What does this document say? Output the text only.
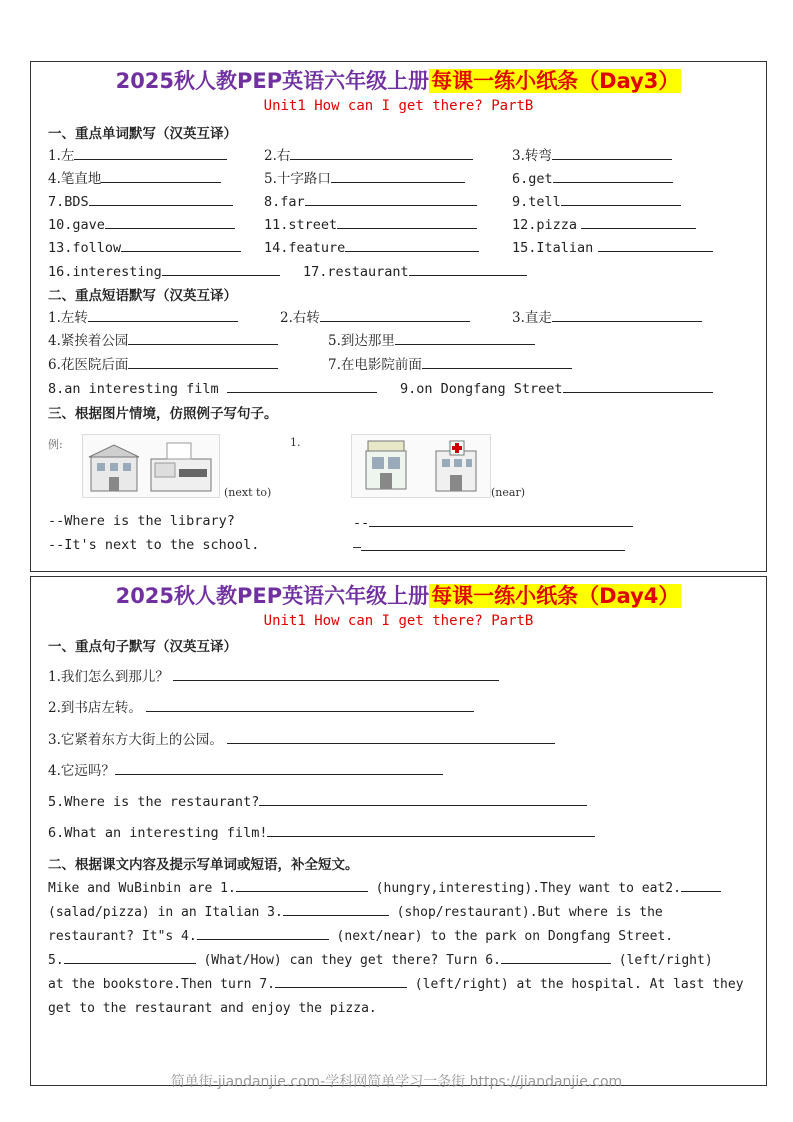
2025秋人教PEP英语六年级上册每课一练小纸条（Day3）
Unit1 How can I get there? PartB
一、重点单词默写（汉英互译）
1.左	2.右	3.转弯
4.笔直地	5.十字路口	6.get
7.BDS	8.far	9.tell
10.gave	11.street	12.pizza
13.follow	14.feature	15.Italian
16.interesting	17.restaurant
二、重点短语默写（汉英互译）
1.左转	2.右转	3.直走
4.紧挨着公园	5.到达那里
6.花医院后面	7.在电影院前面
8.an interesting film	9.on Dongfang Street
三、根据图片情境，仿照例子写句子。
例:
(next to)
1.
(near)
--Where is the library?
--It's next to the school.
--
—
2025秋人教PEP英语六年级上册每课一练小纸条（Day4）
Unit1 How can I get there? PartB
一、重点句子默写（汉英互译）
1.我们怎么到那儿？
2.到书店左转。
3.它紧着东方大街上的公园。
4.它远吗？
5.Where is the restaurant?
6.What an interesting film!
二、根据课文内容及提示写单词或短语，补全短文。
Mike and WuBinbin are 1.	(hungry,interesting).They want to eat2.
(salad/pizza) in an Italian 3.	(shop/restaurant).But where is the
restaurant? It"s 4.	(next/near) to the park on Dongfang Street.
5.	(What/How) can they get there? Turn 6.	(left/right)
at the bookstore.Then turn 7.	(left/right) at the hospital. At last they
get to the restaurant and enjoy the pizza.
简单街-jiandanjie.com-学科网简单学习一条街 https://jiandanjie.com
